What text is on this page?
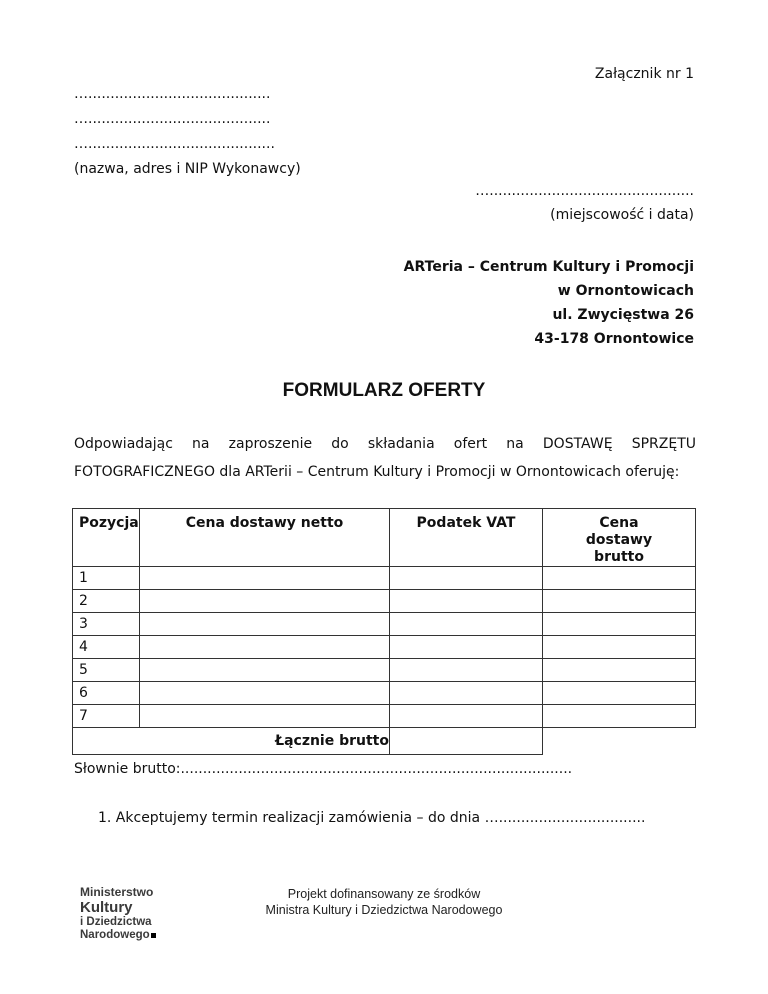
Załącznik nr 1
….........................................
….........................................
…..........................................
(nazwa, adres i NIP Wykonawcy)
…..............................................
(miejscowość i data)
ARTeria – Centrum Kultury i Promocji
w Ornontowicach
ul. Zwycięstwa 26
43-178 Ornontowice
FORMULARZ OFERTY

Odpowiadając na zaproszenie do składania ofert na DOSTAWĘ SPRZĘTU

FOTOGRAFICZNEGO dla ARTerii – Centrum Kultury i Promocji w Ornontowicach oferuję:

Pozycja	Cena dostawy netto	Podatek VAT	Cena dostawy brutto
1			
2			
3			
4			
5			
6			
7			
Łącznie brutto			
Słownie brutto:........................................................................................
1. Akceptujemy termin realizacji zamówienia – do dnia ….................................
Ministerstwo
Kultury
i Dziedzictwa
Narodowego
Projekt dofinansowany ze środków
Ministra Kultury i Dziedzictwa Narodowego
